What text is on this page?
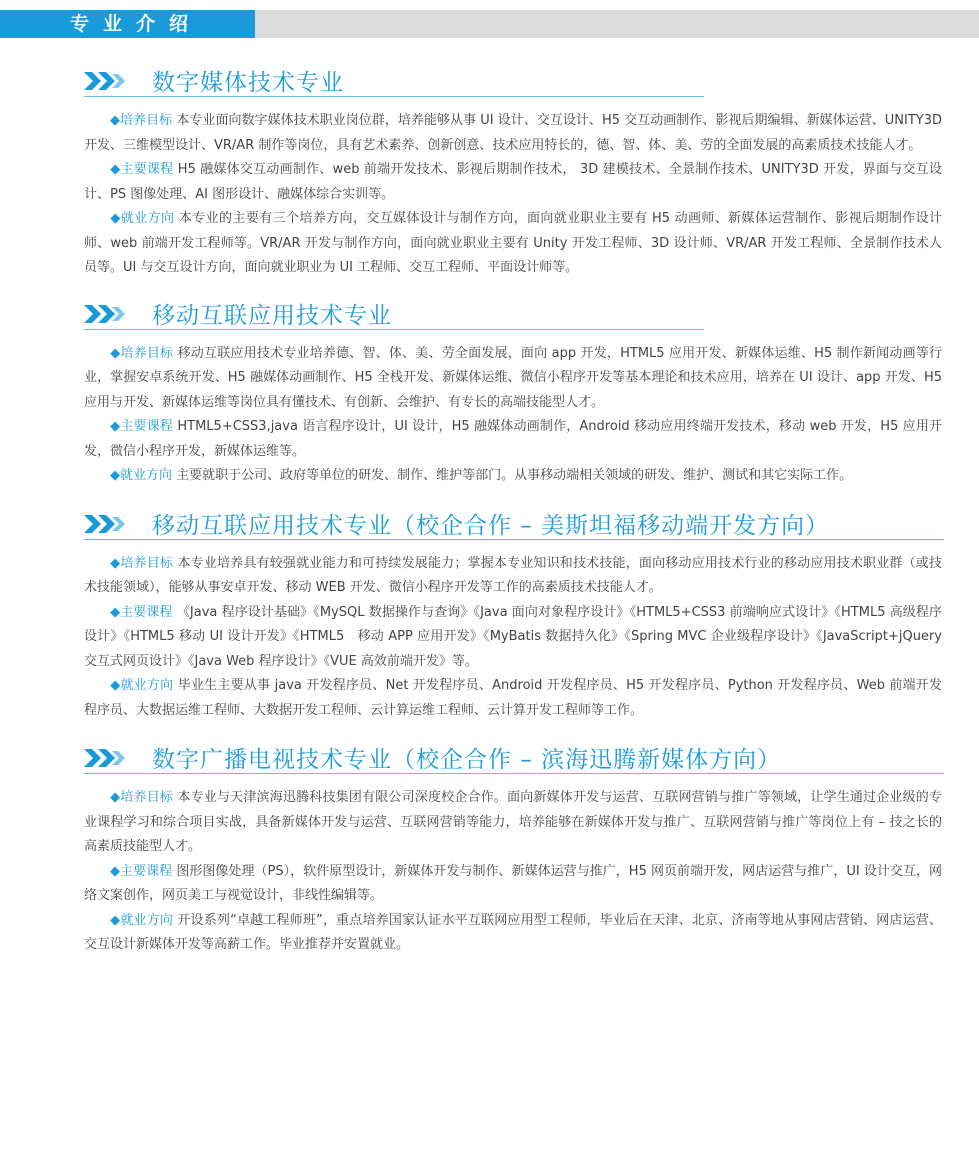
专业介绍
数字媒体技术专业

◆培养目标 本专业面向数字媒体技术职业岗位群，培养能够从事 UI 设计、交互设计、H5 交互动画制作、影视后期编辑、新媒体运营、UNITY3D 开发、三维模型设计、VR/AR 制作等岗位，具有艺术素养、创新创意、技术应用特长的，德、智、体、美、劳的全面发展的高素质技术技能人才。

◆主要课程 H5 融媒体交互动画制作、web 前端开发技术、影视后期制作技术， 3D 建模技术、全景制作技术、UNITY3D 开发，界面与交互设计、PS 图像处理、AI 图形设计、融媒体综合实训等。

◆就业方向 本专业的主要有三个培养方向，交互媒体设计与制作方向，面向就业职业主要有 H5 动画师、新媒体运营制作、影视后期制作设计师、web 前端开发工程师等。VR/AR 开发与制作方向，面向就业职业主要有 Unity 开发工程师、3D 设计师、VR/AR 开发工程师、全景制作技术人员等。UI 与交互设计方向，面向就业职业为 UI 工程师、交互工程师、平面设计师等。

移动互联应用技术专业

◆培养目标 移动互联应用技术专业培养德、智、体、美、劳全面发展，面向 app 开发，HTML5 应用开发、新媒体运维、H5 制作新闻动画等行业，掌握安卓系统开发、H5 融媒体动画制作、H5 全栈开发、新媒体运维、微信小程序开发等基本理论和技术应用，培养在 UI 设计、app 开发、H5 应用与开发、新媒体运维等岗位具有懂技术、有创新、会维护、有专长的高端技能型人才。

◆主要课程 HTML5+CSS3,java 语言程序设计，UI 设计，H5 融媒体动画制作，Android 移动应用终端开发技术，移动 web 开发，H5 应用开发，微信小程序开发，新媒体运维等。

◆就业方向 主要就职于公司、政府等单位的研发、制作、维护等部门。从事移动端相关领域的研发、维护、测试和其它实际工作。

移动互联应用技术专业（校企合作 – 美斯坦福移动端开发方向）

◆培养目标 本专业培养具有较强就业能力和可持续发展能力；掌握本专业知识和技术技能，面向移动应用技术行业的移动应用技术职业群（或技术技能领域），能够从事安卓开发、移动 WEB 开发、微信小程序开发等工作的高素质技术技能人才。

◆主要课程 《Java 程序设计基础》《MySQL 数据操作与查询》《Java 面向对象程序设计》《HTML5+CSS3 前端响应式设计》《HTML5 高级程序设计》《HTML5 移动 UI 设计开发》《HTML5　移动 APP 应用开发》《MyBatis 数据持久化》《Spring MVC 企业级程序设计》《JavaScript+jQuery 交互式网页设计》《Java Web 程序设计》《VUE 高效前端开发》等。

◆就业方向 毕业生主要从事 java 开发程序员、Net 开发程序员、Android 开发程序员、H5 开发程序员、Python 开发程序员、Web 前端开发程序员、大数据运维工程师、大数据开发工程师、云计算运维工程师、云计算开发工程师等工作。

数字广播电视技术专业（校企合作 – 滨海迅腾新媒体方向）

◆培养目标 本专业与天津滨海迅腾科技集团有限公司深度校企合作。面向新媒体开发与运营、互联网营销与推广等领域，让学生通过企业级的专业课程学习和综合项目实战，具备新媒体开发与运营、互联网营销等能力，培养能够在新媒体开发与推广、互联网营销与推广等岗位上有 – 技之长的高素质技能型人才。

◆主要课程 图形图像处理（PS），软件原型设计，新媒体开发与制作、新媒体运营与推广，H5 网页前端开发，网店运营与推广，UI 设计交互，网络文案创作，网页美工与视觉设计，非线性编辑等。

◆就业方向 开设系列“卓越工程师班”，重点培养国家认证水平互联网应用型工程师，毕业后在天津、北京、济南等地从事网店营销、网店运营、交互设计新媒体开发等高薪工作。毕业推荐并安置就业。
